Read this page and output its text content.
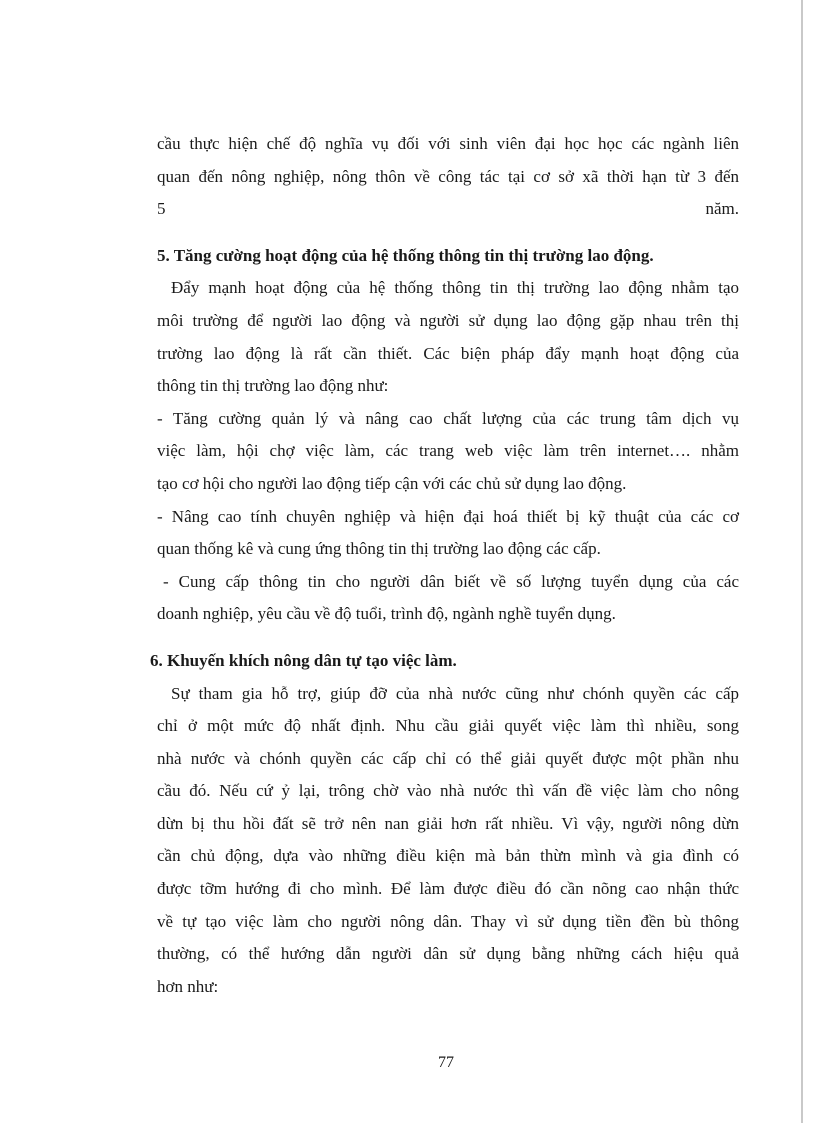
cầu thực hiện chế độ nghĩa vụ đối với sinh viên đại học học các ngành liên
quan đến nông nghiệp, nông thôn về công tác tại cơ sở xã thời hạn từ 3 đến
5	năm.
5. Tăng cường hoạt động của hệ thống thông tin thị trường lao động.
Đẩy mạnh hoạt động của hệ thống thông tin thị trường lao động nhằm tạo
môi trường để người lao động và người sử dụng lao động gặp nhau trên thị
trường lao động là rất cần thiết. Các biện pháp đẩy mạnh hoạt động của
thông tin thị trường lao động như:
- Tăng cường quản lý và nâng cao chất lượng của các trung tâm dịch vụ
việc làm, hội chợ việc làm, các trang web việc làm trên internet…. nhằm
tạo cơ hội cho người lao động tiếp cận với các chủ sử dụng lao động.
- Nâng cao tính chuyên nghiệp và hiện đại hoá thiết bị kỹ thuật của các cơ
quan thống kê và cung ứng thông tin thị trường lao động các cấp.
- Cung cấp thông tin cho người dân biết về số lượng tuyển dụng của các
doanh nghiệp, yêu cầu về độ tuổi, trình độ, ngành nghề tuyển dụng.
6. Khuyến khích nông dân tự tạo việc làm.
Sự tham gia hỗ trợ, giúp đỡ của nhà nước cũng như chónh quyền các cấp
chỉ ở một mức độ nhất định. Nhu cầu giải quyết việc làm thì nhiều, song
nhà nước và chónh quyền các cấp chỉ có thể giải quyết được một phần nhu
cầu đó. Nếu cứ ỷ lại, trông chờ vào nhà nước thì vấn đề việc làm cho nông
dừn bị thu hồi đất sẽ trở nên nan giải hơn rất nhiều. Vì vậy, người nông dừn
cần chủ động, dựa vào những điều kiện mà bản thừn mình và gia đình có
được tỡm hướng đi cho mình. Để làm được điều đó cần nõng cao nhận thức
về tự tạo việc làm cho người nông dân. Thay vì sử dụng tiền đền bù thông
thường, có thể hướng dẫn người dân sử dụng bằng những cách hiệu quả
hơn như:
77
